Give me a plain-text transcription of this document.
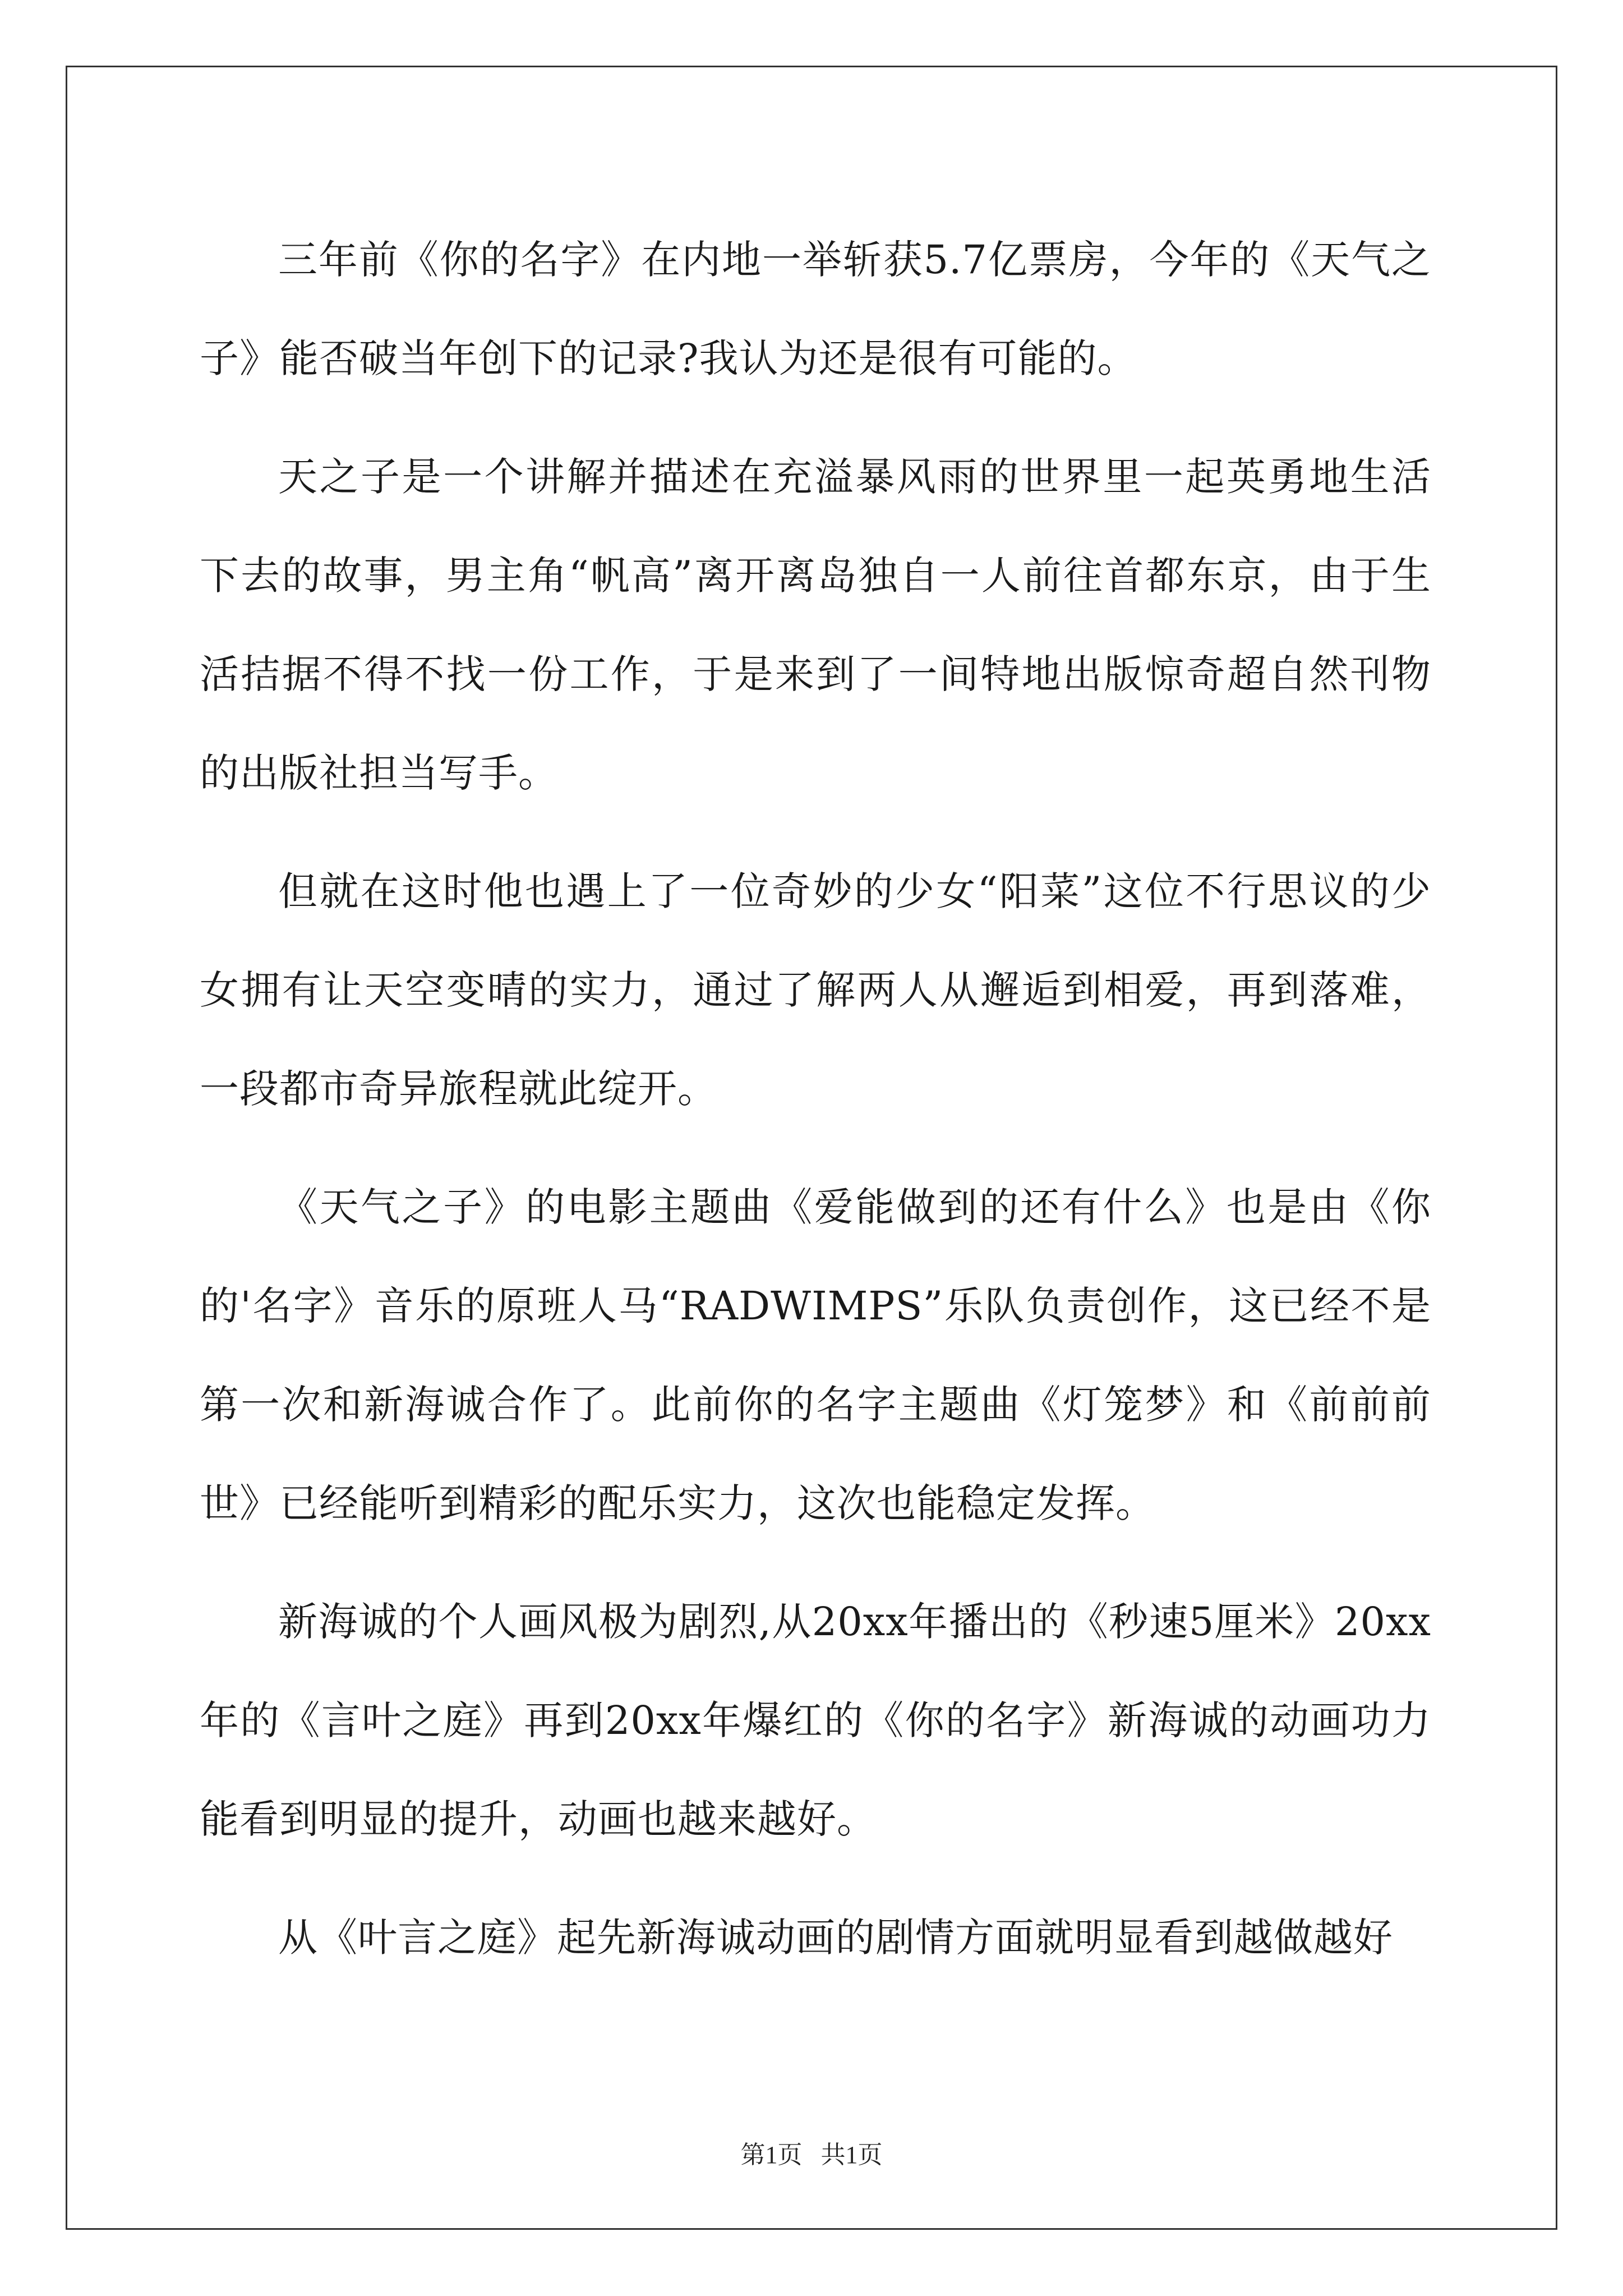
三年前《你的名字》在内地一举斩获5.7亿票房，今年的《天气之子》能否破当年创下的记录?我认为还是很有可能的。

天之子是一个讲解并描述在充溢暴风雨的世界里一起英勇地生活下去的故事，男主角“帆高”离开离岛独自一人前往首都东京，由于生活拮据不得不找一份工作，于是来到了一间特地出版惊奇超自然刊物的出版社担当写手。

但就在这时他也遇上了一位奇妙的少女“阳菜”这位不行思议的少女拥有让天空变晴的实力，通过了解两人从邂逅到相爱，再到落难，一段都市奇异旅程就此绽开。

《天气之子》的电影主题曲《爱能做到的还有什么》也是由《你的'名字》音乐的原班人马“RADWIMPS”乐队负责创作，这已经不是第一次和新海诚合作了。此前你的名字主题曲《灯笼梦》和《前前前世》已经能听到精彩的配乐实力，这次也能稳定发挥。

新海诚的个人画风极为剧烈,从20xx年播出的《秒速5厘米》20xx年的《言叶之庭》再到20xx年爆红的《你的名字》新海诚的动画功力能看到明显的提升，动画也越来越好。

从《叶言之庭》起先新海诚动画的剧情方面就明显看到越做越好

第1页   共1页
